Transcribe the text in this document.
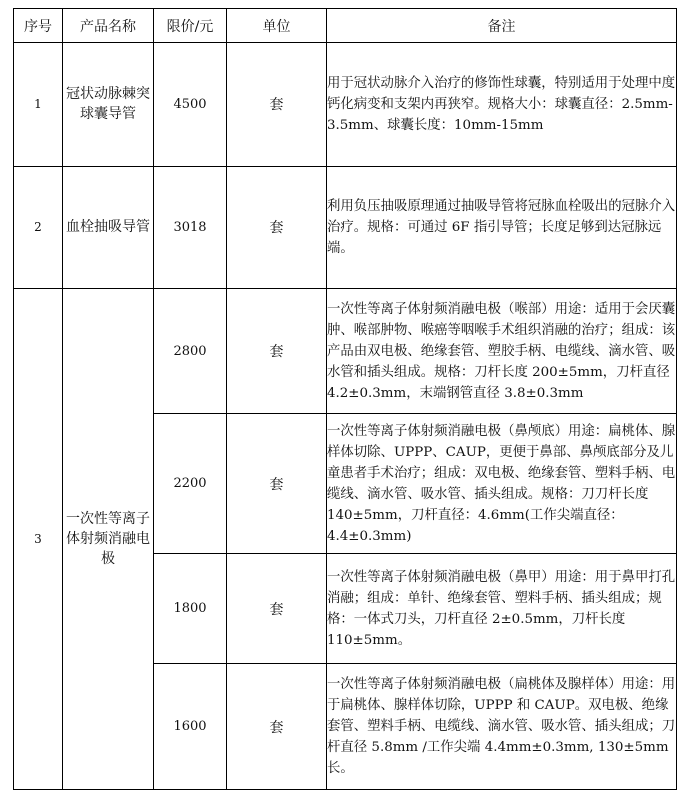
序号	产品名称	限价/元	单位	备注
1	冠状动脉棘突球囊导管	4500	套	用于冠状动脉介入治疗的修饰性球囊，特别适用于处理中度钙化病变和支架内再狭窄。规格大小：球囊直径：2.5mm-3.5mm、球囊长度：10mm-15mm
2	血栓抽吸导管	3018	套	利用负压抽吸原理通过抽吸导管将冠脉血栓吸出的冠脉介入治疗。规格：可通过 6F 指引导管；长度足够到达冠脉远端。
3	一次性等离子体射频消融电极	2800	套	一次性等离子体射频消融电极（喉部）用途：适用于会厌囊肿、喉部肿物、喉癌等咽喉手术组织消融的治疗；组成：该产品由双电极、绝缘套管、塑胶手柄、电缆线、滴水管、吸水管和插头组成。规格：刀杆长度 200±5mm，刀杆直径 4.2±0.3mm，末端钢管直径 3.8±0.3mm
		2200	套	一次性等离子体射频消融电极（鼻颅底）用途：扁桃体、腺样体切除、UPPP、CAUP，更便于鼻部、鼻颅底部分及儿童患者手术治疗；组成：双电极、绝缘套管、塑料手柄、电缆线、滴水管、吸水管、插头组成。规格：刀刀杆长度 140±5mm，刀杆直径：4.6mm(工作尖端直径：4.4±0.3mm)
		1800	套	一次性等离子体射频消融电极（鼻甲）用途：用于鼻甲打孔消融；组成：单针、绝缘套管、塑料手柄、插头组成；规格：一体式刀头，刀杆直径 2±0.5mm，刀杆长度 110±5mm。
		1600	套	一次性等离子体射频消融电极（扁桃体及腺样体）用途：用于扁桃体、腺样体切除，UPPP 和 CAUP。双电极、绝缘套管、塑料手柄、电缆线、滴水管、吸水管、插头组成；刀杆直径 5.8mm /工作尖端 4.4mm±0.3mm, 130±5mm 长。
